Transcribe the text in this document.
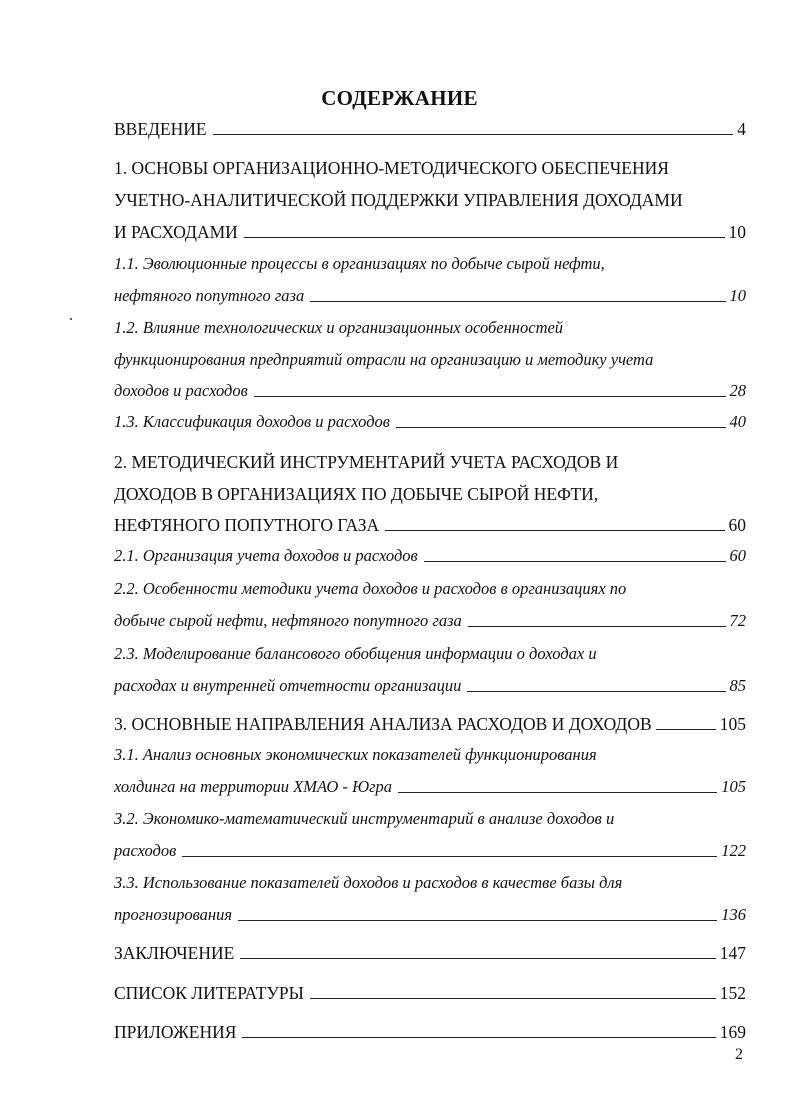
СОДЕРЖАНИЕ
ВВЕДЕНИЕ	4
1. ОСНОВЫ ОРГАНИЗАЦИОННО-МЕТОДИЧЕСКОГО ОБЕСПЕЧЕНИЯ
УЧЕТНО-АНАЛИТИЧЕСКОЙ ПОДДЕРЖКИ УПРАВЛЕНИЯ ДОХОДАМИ
И РАСХОДАМИ	10
1.1. Эволюционные процессы в организациях по добыче сырой нефти,
нефтяного попутного газа	10
1.2. Влияние технологических и организационных особенностей
функционирования предприятий отрасли на организацию и методику учета
доходов и расходов	28
1.3. Классификация доходов и расходов	40
2. МЕТОДИЧЕСКИЙ ИНСТРУМЕНТАРИЙ УЧЕТА РАСХОДОВ И
ДОХОДОВ В ОРГАНИЗАЦИЯХ ПО ДОБЫЧЕ СЫРОЙ НЕФТИ,
НЕФТЯНОГО ПОПУТНОГО ГАЗА	60
2.1. Организация учета доходов и расходов	60
2.2. Особенности методики учета доходов и расходов в организациях по
добыче сырой нефти, нефтяного попутного газа	72
2.3. Моделирование балансового обобщения информации о доходах и
расходах и внутренней отчетности организации	85
3. ОСНОВНЫЕ НАПРАВЛЕНИЯ АНАЛИЗА РАСХОДОВ И ДОХОДОВ	105
3.1. Анализ основных экономических показателей функционирования
холдинга на территории ХМАО - Югра	105
3.2. Экономико-математический инструментарий в анализе доходов и
расходов	122
3.3. Использование показателей доходов и расходов в качестве базы для
прогнозирования	136
ЗАКЛЮЧЕНИЕ	147
СПИСОК ЛИТЕРАТУРЫ	152
ПРИЛОЖЕНИЯ	169
2
